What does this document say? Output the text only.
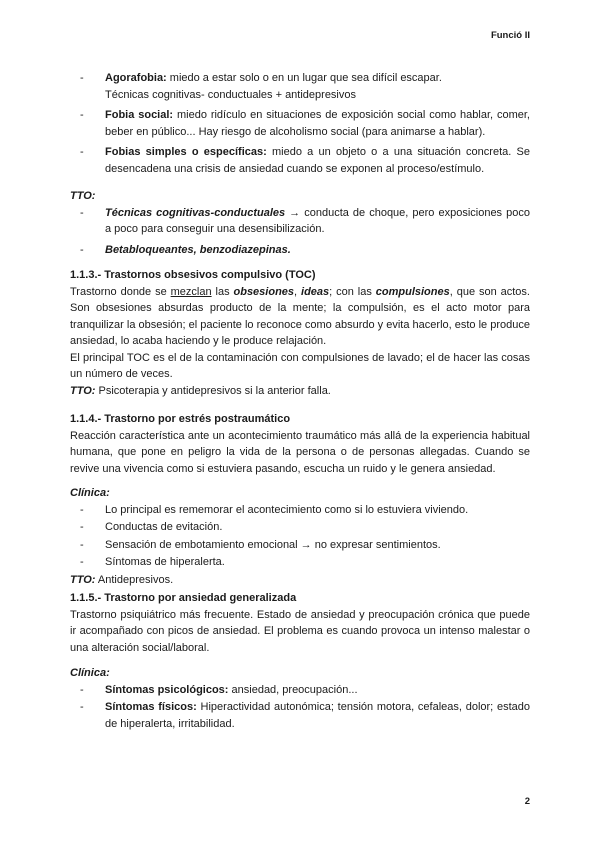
Funció II
- Agorafobia: miedo a estar solo o en un lugar que sea difícil escapar.
Técnicas cognitivas- conductuales + antidepresivos
- Fobia social: miedo ridículo en situaciones de exposición social como hablar, comer, beber en público... Hay riesgo de alcoholismo social (para animarse a hablar).
- Fobias simples o específicas: miedo a un objeto o a una situación concreta. Se desencadena una crisis de ansiedad cuando se exponen al proceso/estímulo.
TTO:
- Técnicas cognitivas-conductuales → conducta de choque, pero exposiciones poco a poco para conseguir una desensibilización.
- Betabloqueantes, benzodiazepinas.
1.1.3.- Trastornos obsesivos compulsivo (TOC)

Trastorno donde se mezclan las obsesiones, ideas; con las compulsiones, que son actos. Son obsesiones absurdas producto de la mente; la compulsión, es el acto motor para tranquilizar la obsesión; el paciente lo reconoce como absurdo y evita hacerlo, esto le produce ansiedad, lo acaba haciendo y le produce relajación.

El principal TOC es el de la contaminación con compulsiones de lavado; el de hacer las cosas un número de veces.

TTO: Psicoterapia y antidepresivos si la anterior falla.

1.1.4.- Trastorno por estrés postraumático

Reacción característica ante un acontecimiento traumático más allá de la experiencia habitual humana, que pone en peligro la vida de la persona o de personas allegadas. Cuando se revive una vivencia como si estuviera pasando, escucha un ruido y le genera ansiedad.

Clínica:
- Lo principal es rememorar el acontecimiento como si lo estuviera viviendo.
- Conductas de evitación.
- Sensación de embotamiento emocional → no expresar sentimientos.
- Síntomas de hiperalerta.

TTO: Antidepresivos.

1.1.5.- Trastorno por ansiedad generalizada

Trastorno psiquiátrico más frecuente. Estado de ansiedad y preocupación crónica que puede ir acompañado con picos de ansiedad. El problema es cuando provoca un intenso malestar o una alteración social/laboral.

Clínica:
- Síntomas psicológicos: ansiedad, preocupación...
- Síntomas físicos: Hiperactividad autonómica; tensión motora, cefaleas, dolor; estado de hiperalerta, irritabilidad.
2
